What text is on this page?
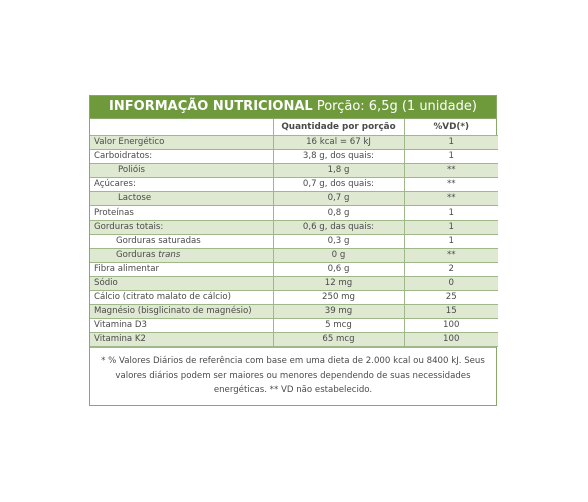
INFORMAÇÃO NUTRICIONAL Porção: 6,5g (1 unidade)
	Quantidade por porção	%VD(*)
Valor Energético	16 kcal = 67 kJ	1
Carboidratos:	3,8 g, dos quais:	1
Polióis	1,8 g	**
Açúcares:	0,7 g, dos quais:	**
Lactose	0,7 g	**
Proteínas	0,8 g	1
Gorduras totais:	0,6 g, das quais:	1
Gorduras saturadas	0,3 g	1
Gorduras trans	0 g	**
Fibra alimentar	0,6 g	2
Sódio	12 mg	0
Cálcio (citrato malato de cálcio)	250 mg	25
Magnésio (bisglicinato de magnésio)	39 mg	15
Vitamina D3	5 mcg	100
Vitamina K2	65 mcg	100
* % Valores Diários de referência com base em uma dieta de 2.000 kcal ou 8400 kJ. Seus
valores diários podem ser maiores ou menores dependendo de suas necessidades
energéticas. ** VD não estabelecido.
